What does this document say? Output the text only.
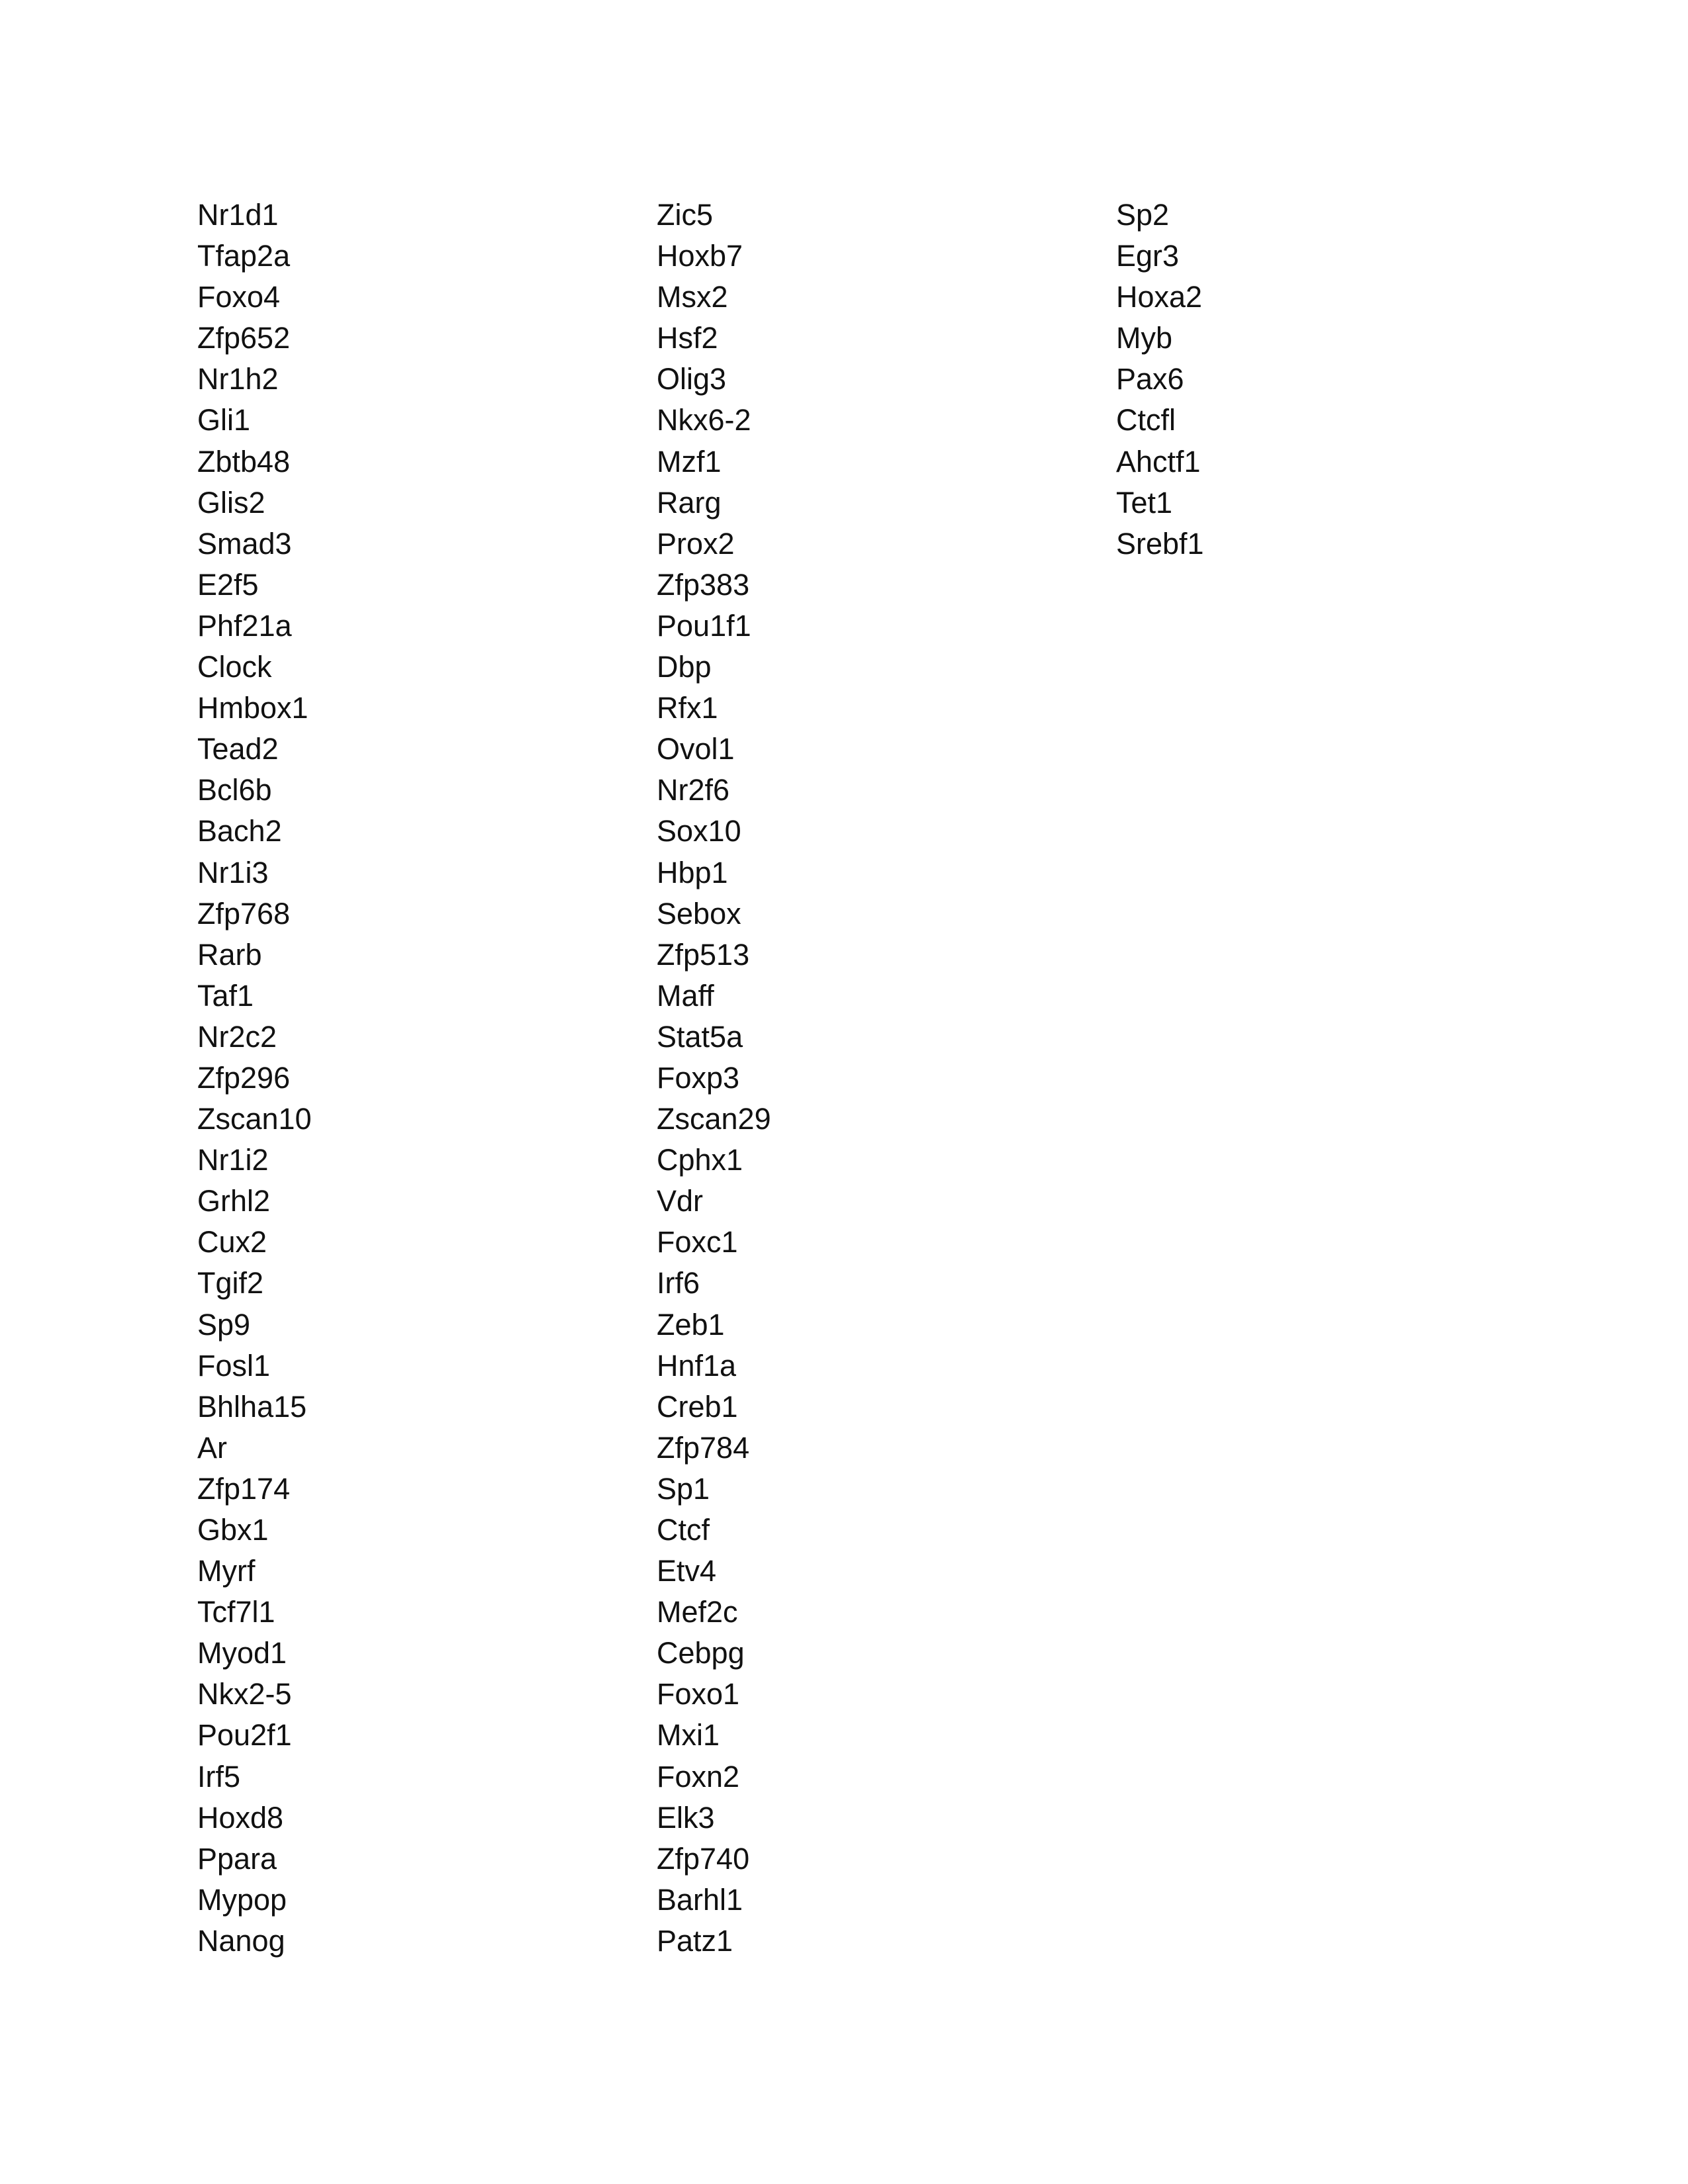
Nr1d1
Tfap2a
Foxo4
Zfp652
Nr1h2
Gli1
Zbtb48
Glis2
Smad3
E2f5
Phf21a
Clock
Hmbox1
Tead2
Bcl6b
Bach2
Nr1i3
Zfp768
Rarb
Taf1
Nr2c2
Zfp296
Zscan10
Nr1i2
Grhl2
Cux2
Tgif2
Sp9
Fosl1
Bhlha15
Ar
Zfp174
Gbx1
Myrf
Tcf7l1
Myod1
Nkx2-5
Pou2f1
Irf5
Hoxd8
Ppara
Mypop
Nanog
Zic5
Hoxb7
Msx2
Hsf2
Olig3
Nkx6-2
Mzf1
Rarg
Prox2
Zfp383
Pou1f1
Dbp
Rfx1
Ovol1
Nr2f6
Sox10
Hbp1
Sebox
Zfp513
Maff
Stat5a
Foxp3
Zscan29
Cphx1
Vdr
Foxc1
Irf6
Zeb1
Hnf1a
Creb1
Zfp784
Sp1
Ctcf
Etv4
Mef2c
Cebpg
Foxo1
Mxi1
Foxn2
Elk3
Zfp740
Barhl1
Patz1
Sp2
Egr3
Hoxa2
Myb
Pax6
Ctcfl
Ahctf1
Tet1
Srebf1
